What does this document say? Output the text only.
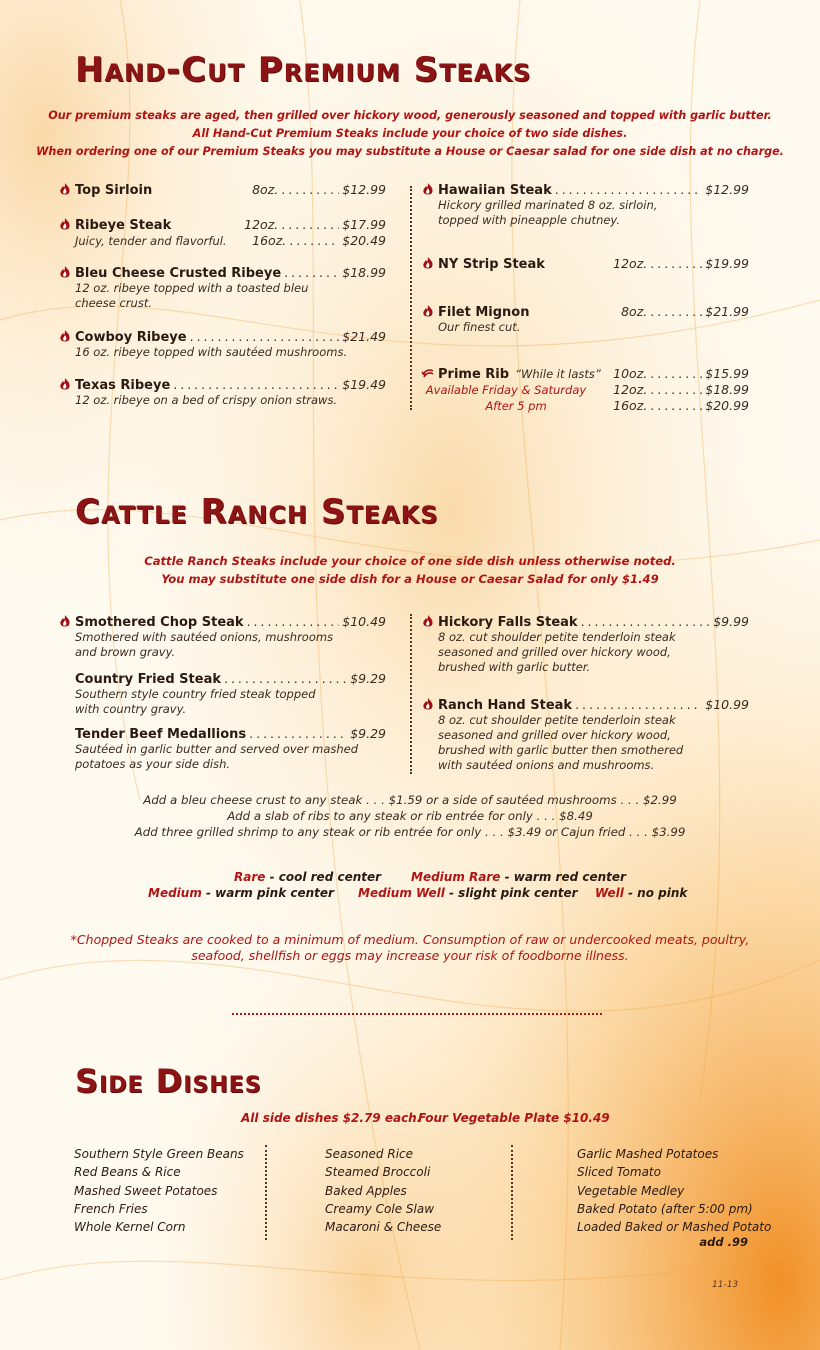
Hand-Cut Premium Steaks
Our premium steaks are aged, then grilled over hickory wood, generously seasoned and topped with garlic butter.
All Hand-Cut Premium Steaks include your choice of two side dishes.
When ordering one of our Premium Steaks you may substitute a House or Caesar salad for one side dish at no charge.
Top Sirloin	8oz. .....	$12.99
Ribeye Steak	12oz. .....	$17.99
Juicy, tender and flavorful. 16oz. .....	$20.49
Bleu Cheese Crusted Ribeye .....	$18.99
12 oz. ribeye topped with a toasted bleu
cheese crust.
Cowboy Ribeye .....	$21.49
16 oz. ribeye topped with sautéed mushrooms.
Texas Ribeye .....	$19.49
12 oz. ribeye on a bed of crispy onion straws.
Hawaiian Steak .....	$12.99
Hickory grilled marinated 8 oz. sirloin,
topped with pineapple chutney.
NY Strip Steak	12oz. .....	$19.99
Filet Mignon	8oz. .....	$21.99
Our finest cut.
Prime Rib “While it lasts” 10oz. .....	$15.99
Available Friday & Saturday	12oz. .....	$18.99
After 5 pm	16oz. .....	$20.99
Cattle Ranch Steaks
Cattle Ranch Steaks include your choice of one side dish unless otherwise noted.
You may substitute one side dish for a House or Caesar Salad for only $1.49
Smothered Chop Steak .....	$10.49
Smothered with sautéed onions, mushrooms
and brown gravy.
Country Fried Steak .....	$9.29
Southern style country fried steak topped
with country gravy.
Tender Beef Medallions .....	$9.29
Sautéed in garlic butter and served over mashed
potatoes as your side dish.
Hickory Falls Steak .....	$9.99
8 oz. cut shoulder petite tenderloin steak
seasoned and grilled over hickory wood,
brushed with garlic butter.
Ranch Hand Steak .....	$10.99
8 oz. cut shoulder petite tenderloin steak
seasoned and grilled over hickory wood,
brushed with garlic butter then smothered
with sautéed onions and mushrooms.
Add a bleu cheese crust to any steak . . . $1.59 or a side of sautéed mushrooms . . . $2.99
Add a slab of ribs to any steak or rib entrée for only . . . $8.49
Add three grilled shrimp to any steak or rib entrée for only . . . $3.49 or Cajun fried . . . $3.99
Rare - cool red center Medium Rare - warm red center
Medium - warm pink center Medium Well - slight pink center Well - no pink
*Chopped Steaks are cooked to a minimum of medium. Consumption of raw or undercooked meats, poultry,
seafood, shellfish or eggs may increase your risk of foodborne illness.
Side Dishes
All side dishes $2.79 each.
Four Vegetable Plate $10.49
Southern Style Green Beans
Red Beans & Rice
Mashed Sweet Potatoes
French Fries
Whole Kernel Corn
Seasoned Rice
Steamed Broccoli
Baked Apples
Creamy Cole Slaw
Macaroni & Cheese
Garlic Mashed Potatoes
Sliced Tomato
Vegetable Medley
Baked Potato (after 5:00 pm)
Loaded Baked or Mashed Potato
add .99
11-13
